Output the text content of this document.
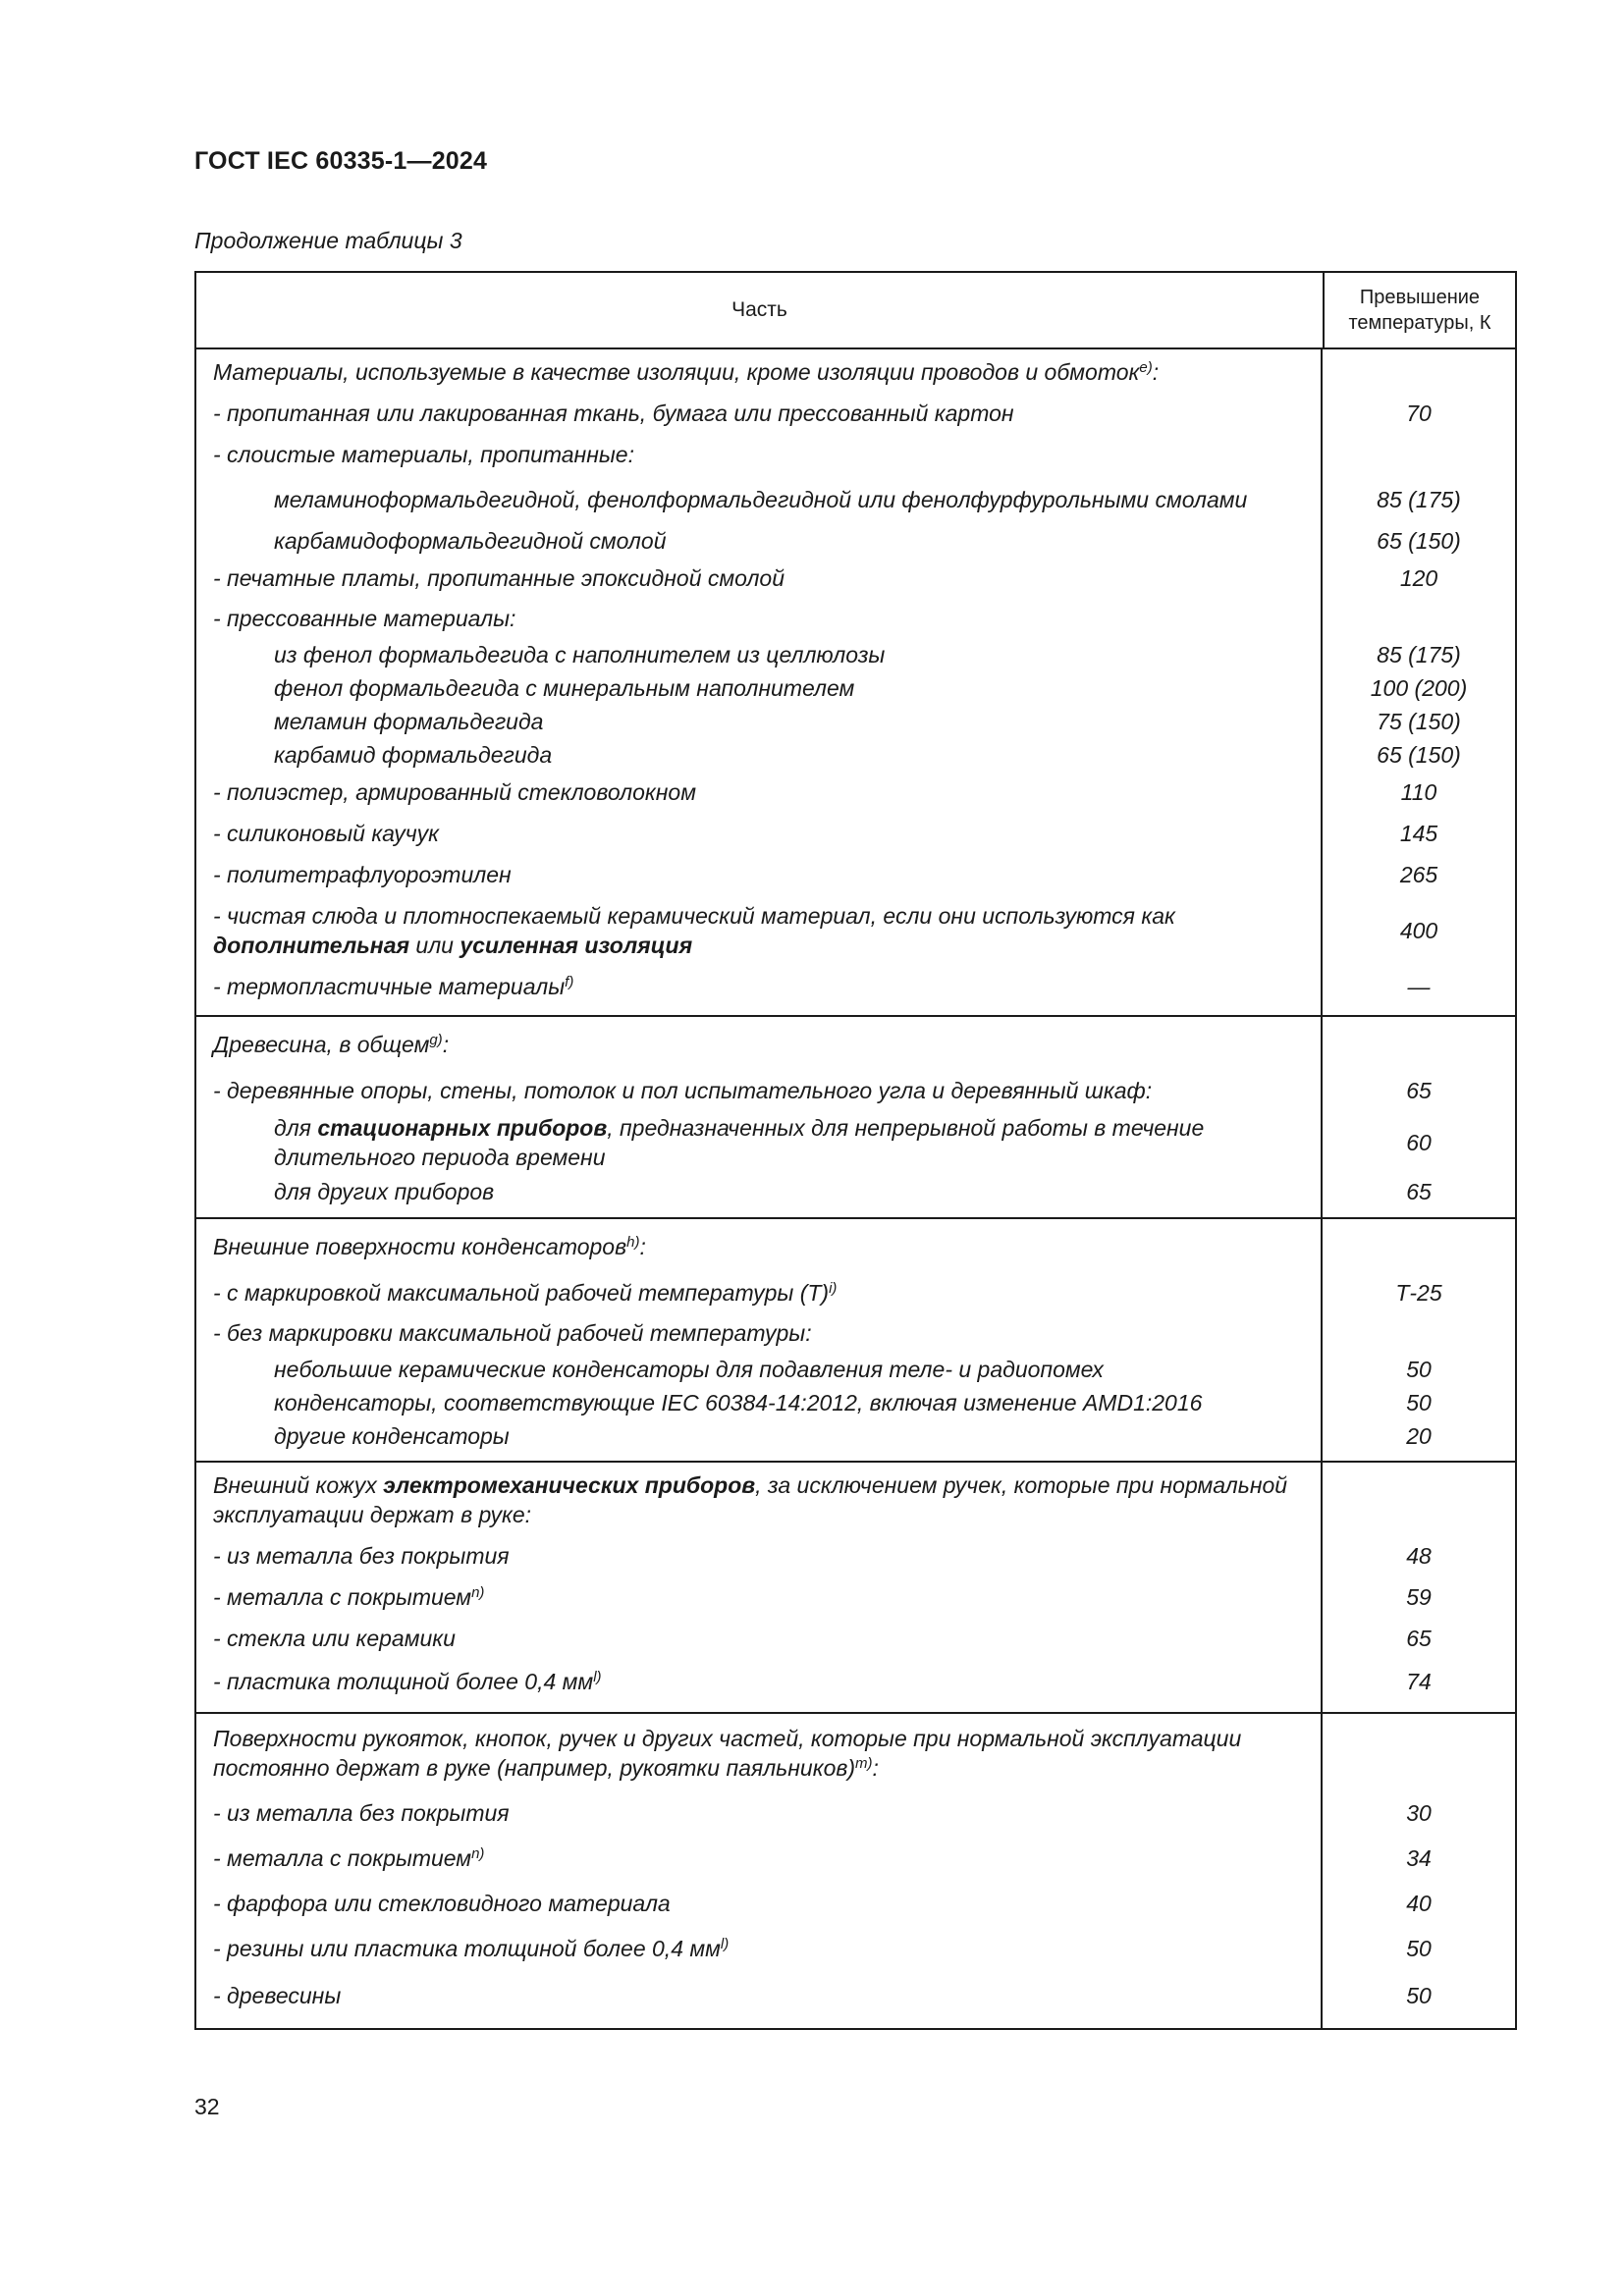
ГОСТ IEC 60335-1—2024
Продолжение таблицы 3
Часть
Превышение температуры, К
Материалы, используемые в качестве изоляции, кроме изоляции проводов и обмоток$^{е)}$:
- пропитанная или лакированная ткань, бумага или прессованный картон
- слоистые материалы, пропитанные:
меламиноформальдегидной, фенолформальдегидной или фенолфурфурольными смолами
карбамидоформальдегидной смолой
- печатные платы, пропитанные эпоксидной смолой
- прессованные материалы:
из фенол формальдегида с наполнителем из целлюлозы
фенол формальдегида с минеральным наполнителем
меламин формальдегида
карбамид формальдегида
- полиэстер, армированный стекловолокном
- силиконовый каучук
- политетрафлуороэтилен
- чистая слюда и плотноспекаемый керамический материал, если они используются как дополнительная или усиленная изоляция
- термопластичные материалы$^{f)}$
70
85 (175)
65 (150)
120
85 (175)
100 (200)
75 (150)
65 (150)
110
145
265
400
—
Древесина, в общем$^{g)}$:
- деревянные опоры, стены, потолок и пол испытательного угла и деревянный шкаф:
для стационарных приборов, предназначенных для непрерывной работы в течение длительного периода времени
для других приборов
65
60
65
Внешние поверхности конденсаторов$^{h)}$:
- с маркировкой максимальной рабочей температуры $(Т)^{i)}$
- без маркировки максимальной рабочей температуры:
небольшие керамические конденсаторы для подавления теле- и радиопомех
конденсаторы, соответствующие IEC 60384-14:2012, включая изменение AMD1:2016
другие конденсаторы
Т-25
50
50
20
Внешний кожух электромеханических приборов, за исключением ручек, которые при нормальной эксплуатации держат в руке:
- из металла без покрытия
- металла с покрытием$^{n)}$
- стекла или керамики
- пластика толщиной более 0,4 $мм^{l)}$
48
59
65
74
Поверхности рукояток, кнопок, ручек и других частей, которые при нормальной эксплуатации постоянно держат в руке (например, рукоятки паяльников)$^{m)}$:
- из металла без покрытия
- металла с покрытием$^{n)}$
- фарфора или стекловидного материала
- резины или пластика толщиной более 0,4 $мм^{l)}$
- древесины
30
34
40
50
50
32
